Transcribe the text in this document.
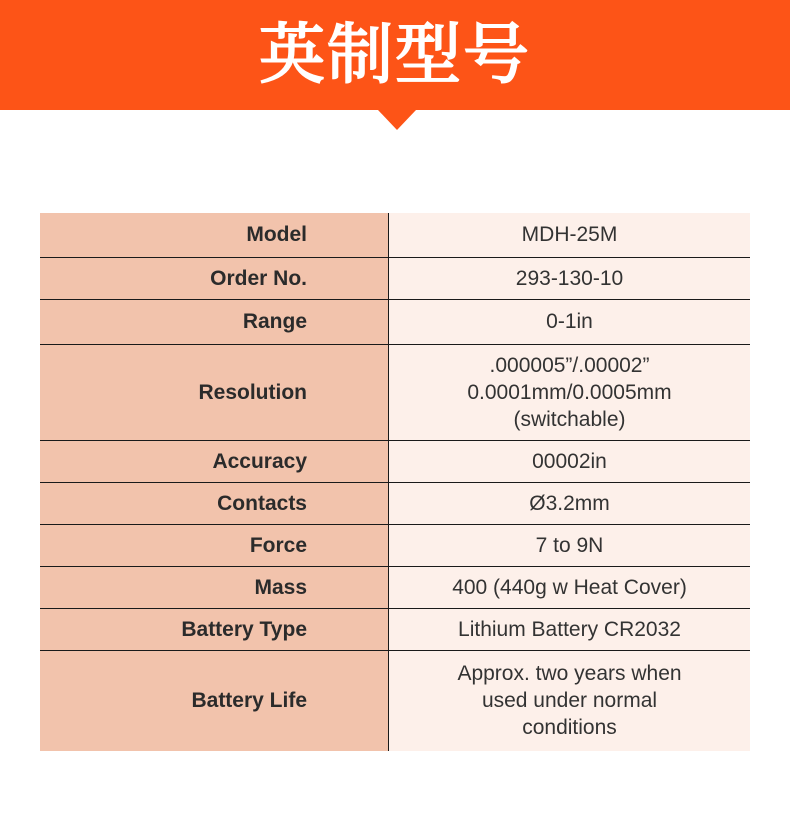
英制型号
Model	MDH-25M

Order No.	293-130-10

Range	0-1in

Resolution	.000005”/.00002”
0.0001mm/0.0005mm
(switchable)

Accuracy	00002in

Contacts	Ø3.2mm

Force	7 to 9N

Mass	400 (440g w Heat Cover)

Battery Type	Lithium Battery CR2032

Battery Life	Approx. two years when
used under normal
conditions
